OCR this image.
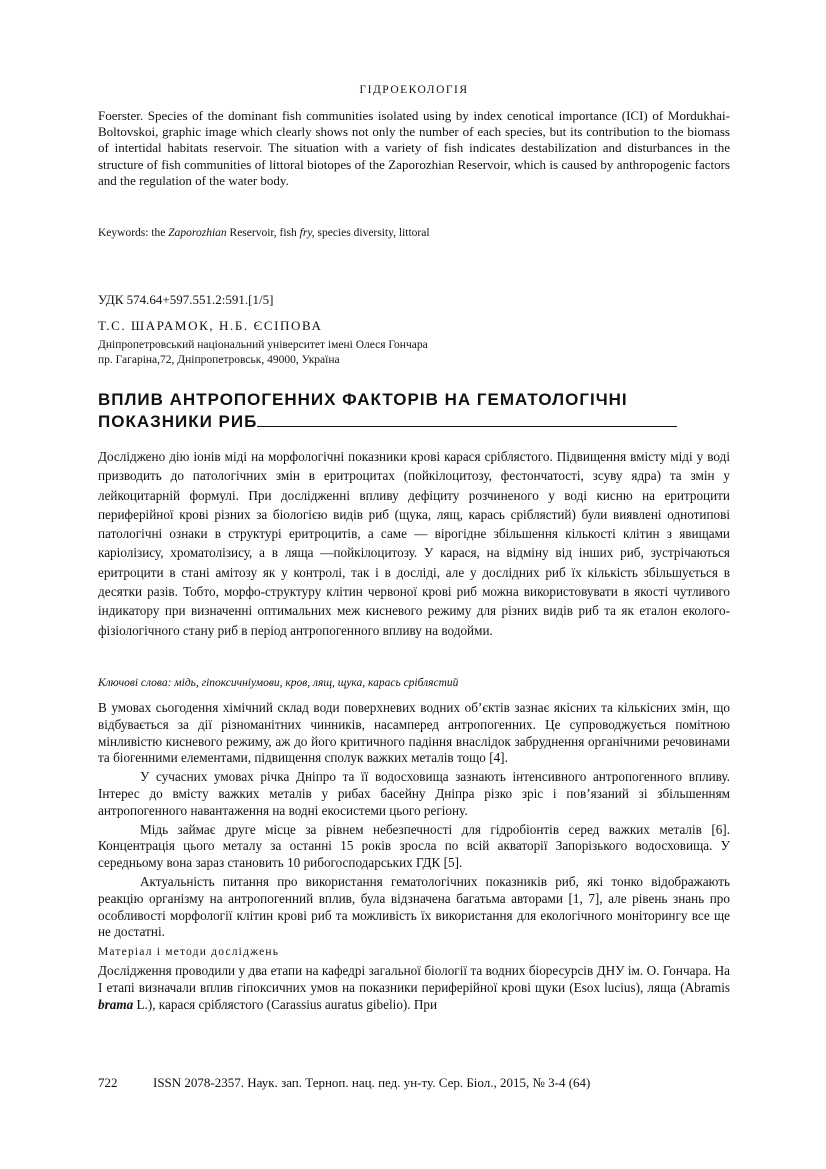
ГІДРОЕКОЛОГІЯ
Foerster. Species of the dominant fish communities isolated using by index cenotical importance (ICI) of Mordukhai-Boltovskoi, graphic image which clearly shows not only the number of each species, but its contribution to the biomass of intertidal habitats reservoir. The situation with a variety of fish indicates destabilization and disturbances in the structure of fish communities of littoral biotopes of the Zaporozhian Reservoir, which is caused by anthropogenic factors and the regulation of the water body.
Keywords: the Zaporozhian Reservoir, fish fry, species diversity, littoral
УДК 574.64+597.551.2:591.[1/5]
Т.С. ШАРАМОК, Н.Б. ЄСІПОВА
Дніпропетровський національний університет імені Олеся Гончара
пр. Гагаріна,72, Дніпропетровськ, 49000, Україна
ВПЛИВ АНТРОПОГЕННИХ ФАКТОРІВ НА ГЕМАТОЛОГІЧНІ
ПОКАЗНИКИ РИБ
Досліджено дію іонів міді на морфологічні показники крові карася сріблястого. Підвищення вмісту міді у воді призводить до патологічних змін в еритроцитах (пойкілоцитозу, фестончатості, зсуву ядра) та змін у лейкоцитарній формулі. При дослідженні впливу дефіциту розчиненого у воді кисню на еритроцити периферійної крові різних за біологією видів риб (щука, лящ, карась сріблястий) були виявлені однотипові патологічні ознаки в структурі еритроцитів, а саме — вірогідне збільшення кількості клітин з явищами каріолізису, хроматолізису, а в ляща —пойкілоцитозу. У карася, на відміну від інших риб, зустрічаються еритроцити в стані амітозу як у контролі, так і в досліді, але у дослідних риб їх кількість збільшується в десятки разів. Тобто, морфо-структуру клітин червоної крові риб можна використовувати в якості чутливого індикатору при визначенні оптимальних меж кисневого режиму для різних видів риб та як еталон еколого-фізіологічного стану риб в період антропогенного впливу на водойми.
Ключові слова: мідь, гіпоксичніумови, кров, лящ, щука, карась сріблястий

В умовах сьогодення хімічний склад води поверхневих водних об’єктів зазнає якісних та кількісних змін, що відбувається за дії різноманітних чинників, насамперед антропогенних. Це супроводжується помітною мінливістю кисневого режиму, аж до його критичного падіння внаслідок забруднення органічними речовинами та біогенними елементами, підвищення сполук важких металів тощо [4].

У сучасних умовах річка Дніпро та її водосховища зазнають інтенсивного антропогенного впливу. Інтерес до вмісту важких металів у рибах басейну Дніпра різко зріс і пов’язаний зі збільшенням антропогенного навантаження на водні екосистеми цього регіону.

Мідь займає друге місце за рівнем небезпечності для гідробіонтів серед важких металів [6]. Концентрація цього металу за останні 15 років зросла по всій акваторії Запорізького водосховища. У середньому вона зараз становить 10 рибогосподарських ГДК [5].

Актуальність питання про використання гематологічних показників риб, які тонко відображають реакцію організму на антропогенний вплив, була відзначена багатьма авторами [1, 7], але рівень знань про особливості морфології клітин крові риб та можливість їх використання для екологічного моніторингу все ще не достатні.

Матеріал і методи досліджень

Дослідження проводили у два етапи на кафедрі загальної біології та водних біоресурсів ДНУ ім. О. Гончара. На І етапі визначали вплив гіпоксичних умов на показники периферійної крові щуки (Esox lucius), ляща (Abramis brama L.), карася сріблястого (Carassius auratus gibelio). При

722	ISSN 2078-2357. Наук. зап. Терноп. нац. пед. ун-ту. Сер. Біол., 2015, № 3-4 (64)
